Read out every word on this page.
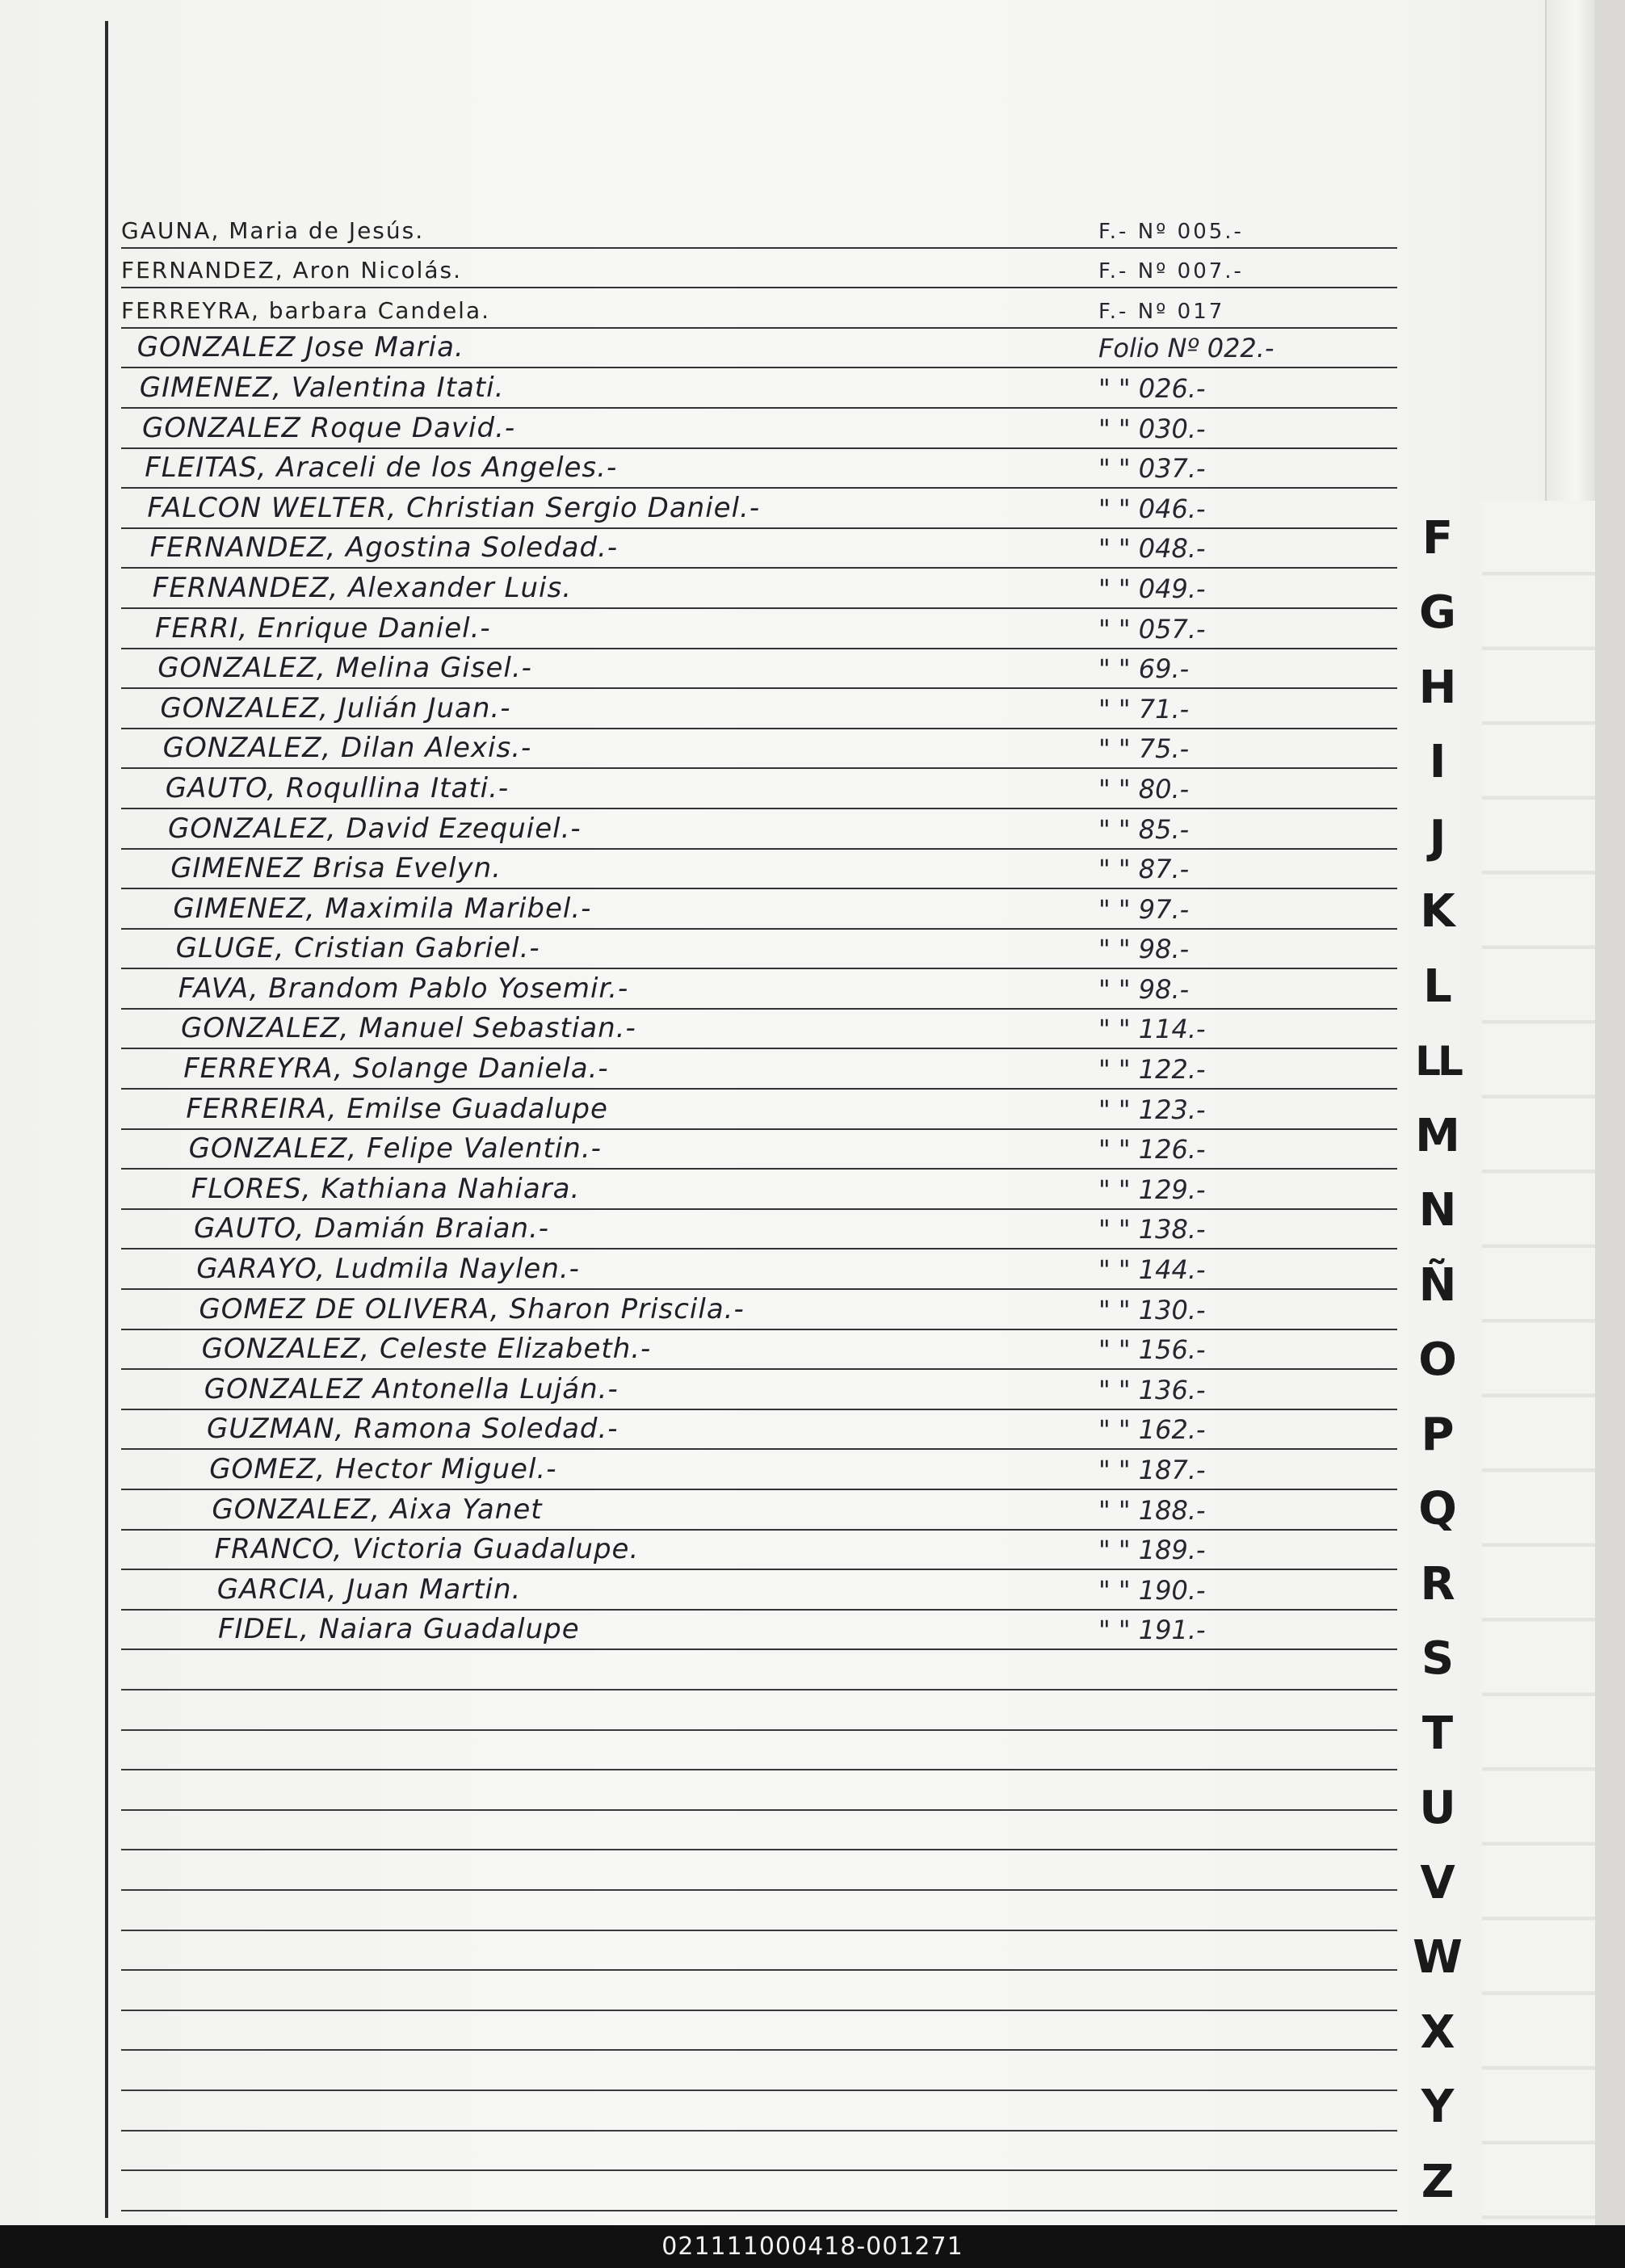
GAUNA, Maria de Jesús.	F.- Nº 005.-
FERNANDEZ, Aron Nicolás.	F.- Nº 007.-
FERREYRA, barbara Candela.	F.- Nº 017
GONZALEZ Jose Maria.	Folio Nº 022.-
GIMENEZ, Valentina Itati.	" " 026.-
GONZALEZ Roque David.-	" " 030.-
FLEITAS, Araceli de los Angeles.-	" " 037.-
FALCON WELTER, Christian Sergio Daniel.-	" " 046.-
FERNANDEZ, Agostina Soledad.-	" " 048.-
FERNANDEZ, Alexander Luis.	" " 049.-
FERRI, Enrique Daniel.-	" " 057.-
GONZALEZ, Melina Gisel.-	" " 69.-
GONZALEZ, Julián Juan.-	" " 71.-
GONZALEZ, Dilan Alexis.-	" " 75.-
GAUTO, Roqullina Itati.-	" " 80.-
GONZALEZ, David Ezequiel.-	" " 85.-
GIMENEZ Brisa Evelyn.	" " 87.-
GIMENEZ, Maximila Maribel.-	" " 97.-
GLUGE, Cristian Gabriel.-	" " 98.-
FAVA, Brandom Pablo Yosemir.-	" " 98.-
GONZALEZ, Manuel Sebastian.-	" " 114.-
FERREYRA, Solange Daniela.-	" " 122.-
FERREIRA, Emilse Guadalupe	" " 123.-
GONZALEZ, Felipe Valentin.-	" " 126.-
FLORES, Kathiana Nahiara.	" " 129.-
GAUTO, Damián Braian.-	" " 138.-
GARAYO, Ludmila Naylen.-	" " 144.-
GOMEZ DE OLIVERA, Sharon Priscila.-	" " 130.-
GONZALEZ, Celeste Elizabeth.-	" " 156.-
GONZALEZ Antonella Luján.-	" " 136.-
GUZMAN, Ramona Soledad.-	" " 162.-
GOMEZ, Hector Miguel.-	" " 187.-
GONZALEZ, Aixa Yanet	" " 188.-
FRANCO, Victoria Guadalupe.	" " 189.-
GARCIA, Juan Martin.	" " 190.-
FIDEL, Naiara Guadalupe	" " 191.-
F
G
H
I
J
K
L
LL
M
N
Ñ
O
P
Q
R
S
T
U
V
W
X
Y
Z
021111000418-001271
